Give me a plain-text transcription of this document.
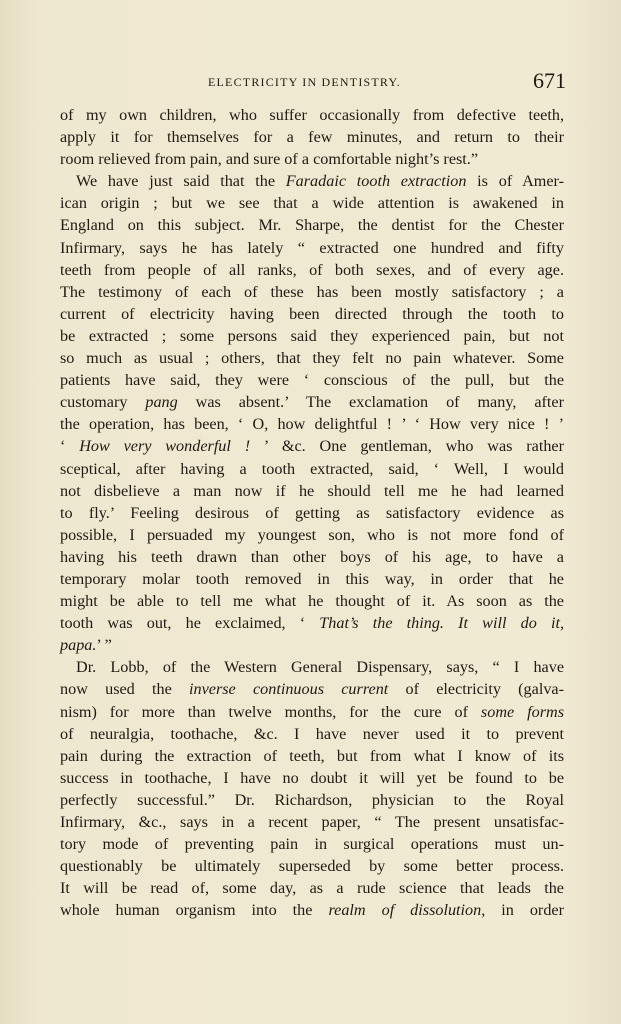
ELECTRICITY IN DENTISTRY.	671
of my own children, who suffer occasionally from defective teeth,
apply it for themselves for a few minutes, and return to their
room relieved from pain, and sure of a comfortable night’s rest.”
We have just said that the Faradaic tooth extraction is of Amer-
ican origin ; but we see that a wide attention is awakened in
England on this subject. Mr. Sharpe, the dentist for the Chester
Infirmary, says he has lately “ extracted one hundred and fifty
teeth from people of all ranks, of both sexes, and of every age.
The testimony of each of these has been mostly satisfactory ; a
current of electricity having been directed through the tooth to
be extracted ; some persons said they experienced pain, but not
so much as usual ; others, that they felt no pain whatever. Some
patients have said, they were ‘ conscious of the pull, but the
customary pang was absent.’ The exclamation of many, after
the operation, has been, ‘ O, how delightful ! ’ ‘ How very nice ! ’
‘ How very wonderful ! ’ &c. One gentleman, who was rather
sceptical, after having a tooth extracted, said, ‘ Well, I would
not disbelieve a man now if he should tell me he had learned
to fly.’ Feeling desirous of getting as satisfactory evidence as
possible, I persuaded my youngest son, who is not more fond of
having his teeth drawn than other boys of his age, to have a
temporary molar tooth removed in this way, in order that he
might be able to tell me what he thought of it. As soon as the
tooth was out, he exclaimed, ‘ That’s the thing. It will do it,
papa.’ ”
Dr. Lobb, of the Western General Dispensary, says, “ I have
now used the inverse continuous current of electricity (galva-
nism) for more than twelve months, for the cure of some forms
of neuralgia, toothache, &c. I have never used it to prevent
pain during the extraction of teeth, but from what I know of its
success in toothache, I have no doubt it will yet be found to be
perfectly successful.” Dr. Richardson, physician to the Royal
Infirmary, &c., says in a recent paper, “ The present unsatisfac-
tory mode of preventing pain in surgical operations must un-
questionably be ultimately superseded by some better process.
It will be read of, some day, as a rude science that leads the
whole human organism into the realm of dissolution, in order
